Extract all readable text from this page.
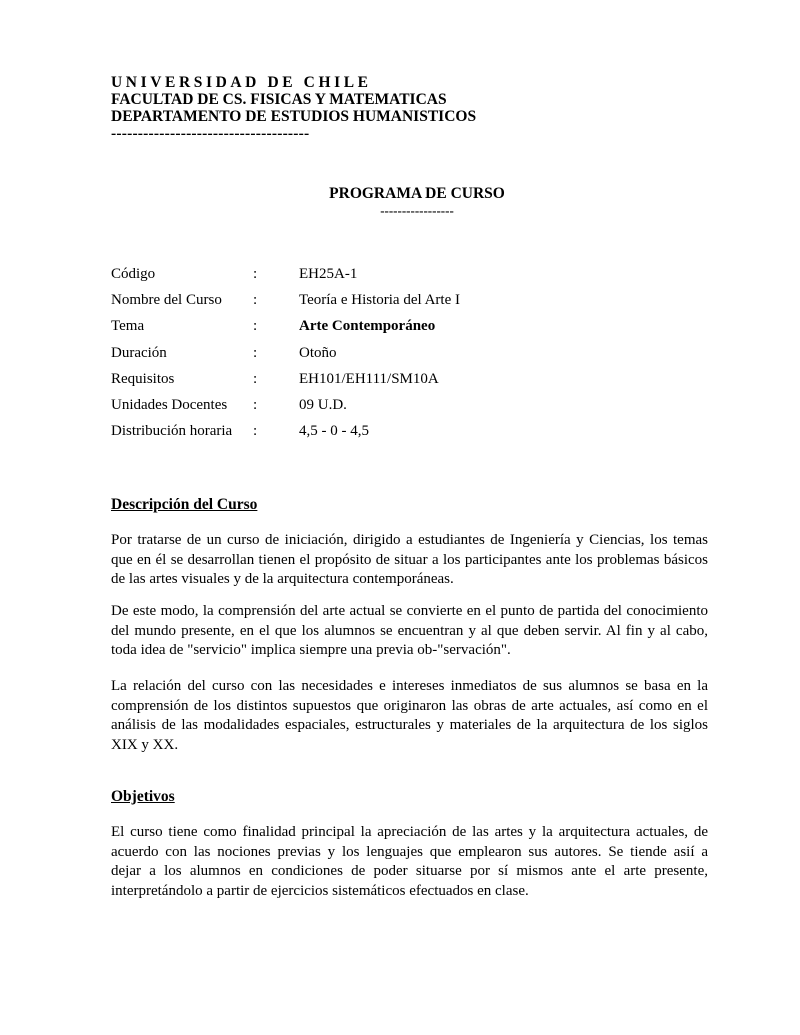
UNIVERSIDAD DE CHILE
FACULTAD DE CS. FISICAS Y MATEMATICAS
DEPARTAMENTO DE ESTUDIOS HUMANISTICOS
-------------------------------------
PROGRAMA DE CURSO
-----------------
Código	:	EH25A-1
Nombre del Curso :	Teoría e Historia del Arte I
Tema	:	Arte Contemporáneo
Duración	:	Otoño
Requisitos	:	EH101/EH111/SM10A
Unidades Docentes :	09 U.D.
Distribución horaria :	4,5 - 0 - 4,5
Descripción del Curso
Por tratarse de un curso de iniciación, dirigido a estudiantes de Ingeniería y Ciencias, los temas
que en él se desarrollan tienen el propósito de situar a los participantes ante los problemas básicos
de las artes visuales y de la arquitectura contemporáneas.
De este modo, la comprensión del arte actual se convierte en el punto de partida del conocimiento
del mundo presente, en el que los alumnos se encuentran y al que deben servir. Al fin y al cabo,
toda idea de "servicio" implica siempre una previa ob-"servación".
La relación del curso con las necesidades e intereses inmediatos de sus alumnos se basa en la
comprensión de los distintos supuestos que originaron las obras de arte actuales, así como en el
análisis de las modalidades espaciales, estructurales y materiales de la arquitectura de los siglos
XIX y XX.
Objetivos
El curso tiene como finalidad principal la apreciación de las artes y la arquitectura actuales, de
acuerdo con las nociones previas y los lenguajes que emplearon sus autores. Se tiende asií a
dejar a los alumnos en condiciones de poder situarse por sí mismos ante el arte presente,
interpretándolo a partir de ejercicios sistemáticos efectuados en clase.
